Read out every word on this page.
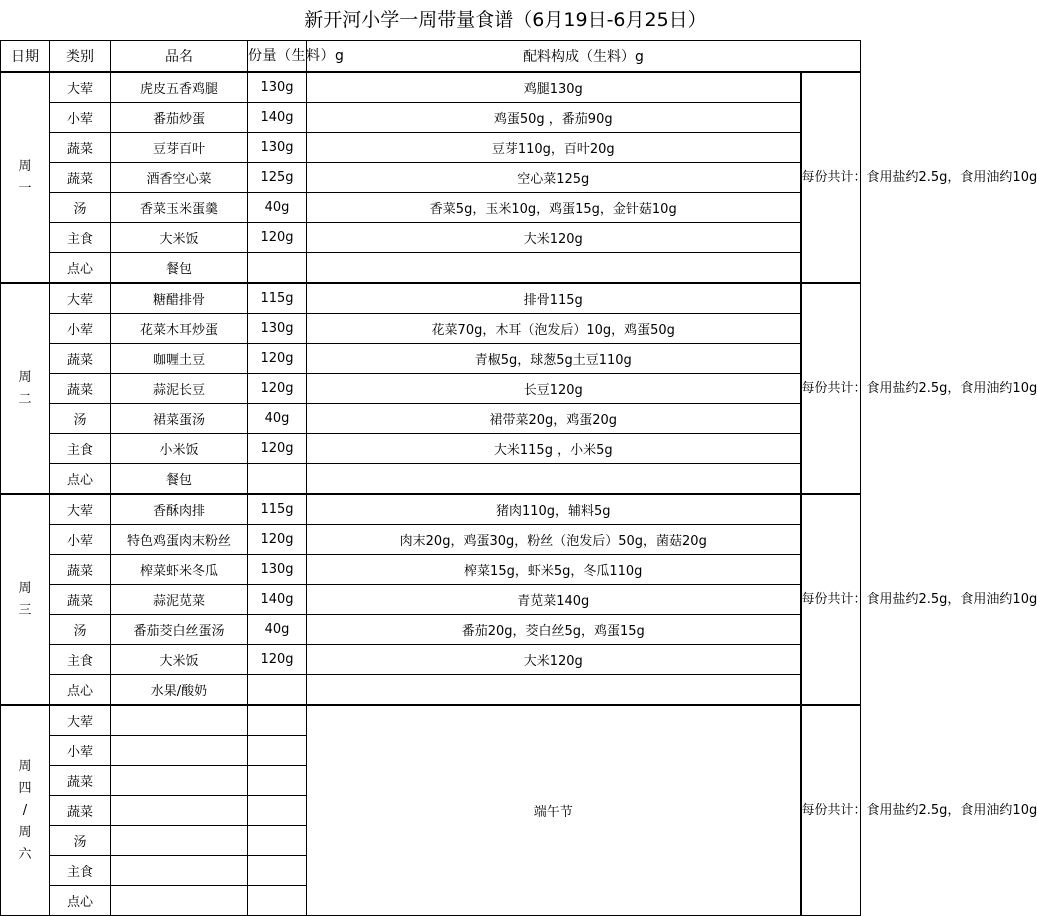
新开河小学一周带量食谱（6月19日-6月25日）
日期	类别	品名	份量（生料）g	配料构成（生料）g	

周
一	大荤	虎皮五香鸡腿	130g	鸡腿130g	每份共计：食用盐约2.5g，食用油约10g
	小荤	番茄炒蛋	140g	鸡蛋50g ，番茄90g	
	蔬菜	豆芽百叶	130g	豆芽110g，百叶20g	
	蔬菜	酒香空心菜	125g	空心菜125g	
	汤	香菜玉米蛋羹	40g	香菜5g，玉米10g，鸡蛋15g，金针菇10g	
	主食	大米饭	120g	大米120g	
	点心	餐包			

周
二	大荤	糖醋排骨	115g	排骨115g	每份共计：食用盐约2.5g，食用油约10g
	小荤	花菜木耳炒蛋	130g	花菜70g，木耳（泡发后）10g，鸡蛋50g	
	蔬菜	咖喱土豆	120g	青椒5g，球葱5g土豆110g	
	蔬菜	蒜泥长豆	120g	长豆120g	
	汤	裙菜蛋汤	40g	裙带菜20g，鸡蛋20g	
	主食	小米饭	120g	大米115g ，小米5g	
	点心	餐包			

周
三	大荤	香酥肉排	115g	猪肉110g，辅料5g	每份共计：食用盐约2.5g，食用油约10g
	小荤	特色鸡蛋肉末粉丝	120g	肉末20g，鸡蛋30g，粉丝（泡发后）50g，菌菇20g	
	蔬菜	榨菜虾米冬瓜	130g	榨菜15g，虾米5g，冬瓜110g	
	蔬菜	蒜泥苋菜	140g	青苋菜140g	
	汤	番茄茭白丝蛋汤	40g	番茄20g，茭白丝5g，鸡蛋15g	
	主食	大米饭	120g	大米120g	
	点心	水果/酸奶			

周
四
/
周
六	大荤			端午节	每份共计：食用盐约2.5g，食用油约10g
	小荤				
	蔬菜				
	蔬菜				
	汤				
	主食				
	点心				
